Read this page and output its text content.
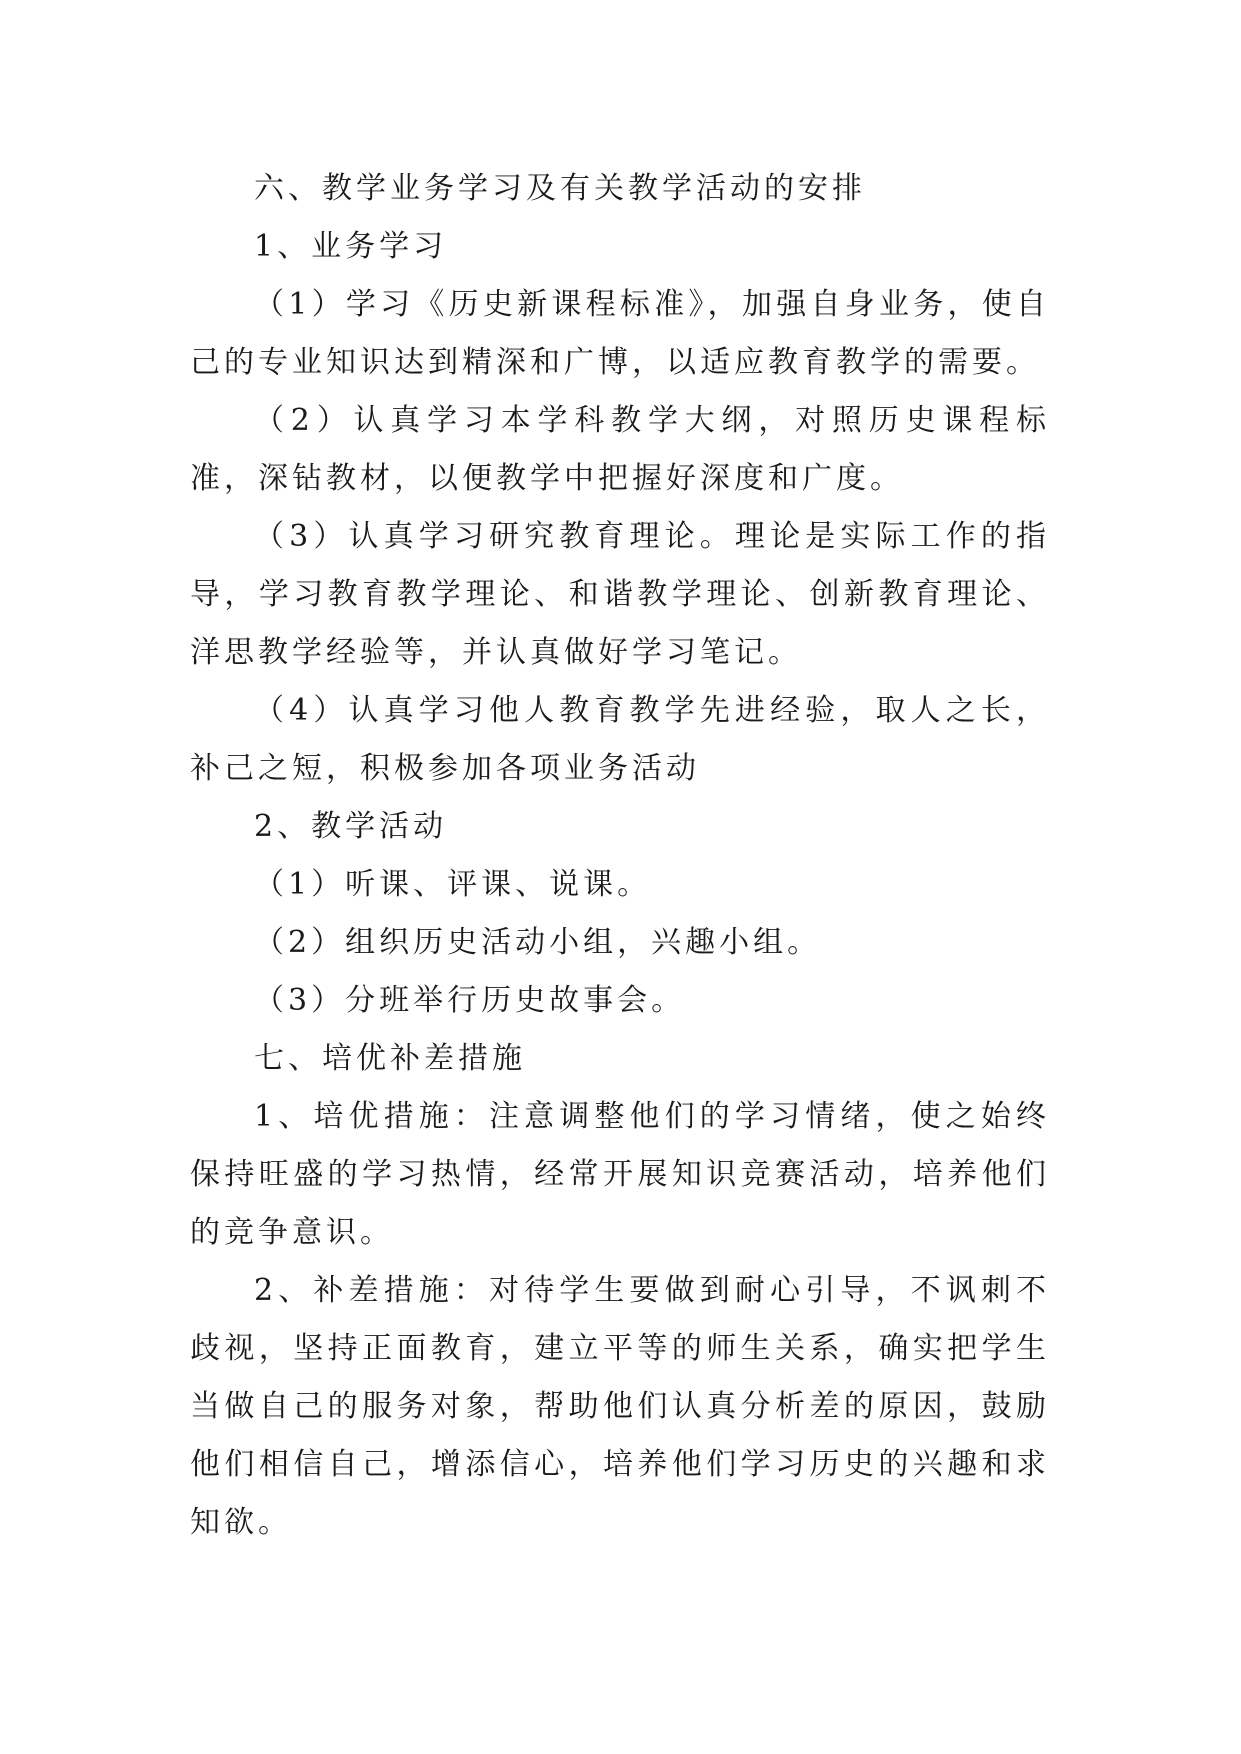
六、教学业务学习及有关教学活动的安排

1、业务学习

（1）学习《历史新课程标准》，加强自身业务，使自己的专业知识达到精深和广博，以适应教育教学的需要。

（2）认真学习本学科教学大纲，对照历史课程标准，深钻教材，以便教学中把握好深度和广度。

（3）认真学习研究教育理论。理论是实际工作的指导，学习教育教学理论、和谐教学理论、创新教育理论、洋思教学经验等，并认真做好学习笔记。

（4）认真学习他人教育教学先进经验，取人之长，补己之短，积极参加各项业务活动

2、教学活动

（1）听课、评课、说课。

（2）组织历史活动小组，兴趣小组。

（3）分班举行历史故事会。

七、培优补差措施

1、培优措施：注意调整他们的学习情绪，使之始终保持旺盛的学习热情，经常开展知识竞赛活动，培养他们的竞争意识。

2、补差措施：对待学生要做到耐心引导，不讽刺不歧视，坚持正面教育，建立平等的师生关系，确实把学生当做自己的服务对象，帮助他们认真分析差的原因，鼓励他们相信自己，增添信心，培养他们学习历史的兴趣和求知欲。
